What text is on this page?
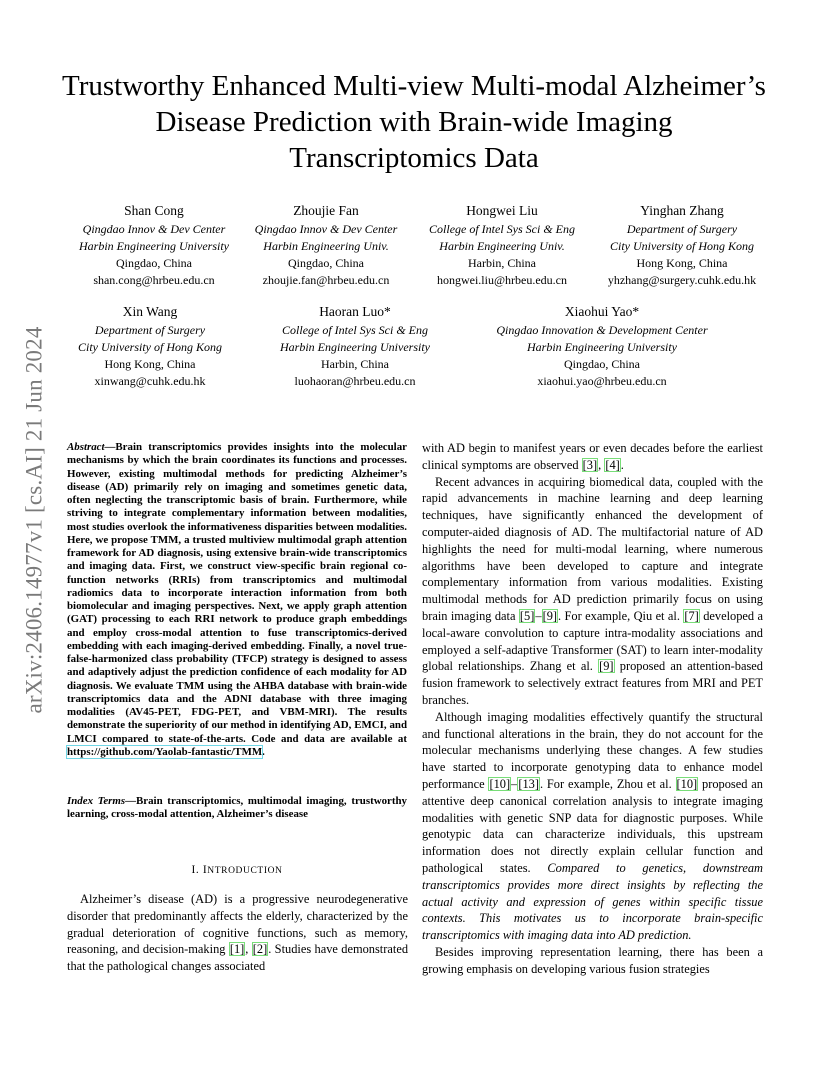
arXiv:2406.14977v1 [cs.AI] 21 Jun 2024
Trustworthy Enhanced Multi-view Multi-modal Alzheimer’s Disease Prediction with Brain-wide Imaging Transcriptomics Data
Shan Cong
Qingdao Innov & Dev Center
Harbin Engineering University
Qingdao, China
shan.cong@hrbeu.edu.cn
Zhoujie Fan
Qingdao Innov & Dev Center
Harbin Engineering Univ.
Qingdao, China
zhoujie.fan@hrbeu.edu.cn
Hongwei Liu
College of Intel Sys Sci & Eng
Harbin Engineering Univ.
Harbin, China
hongwei.liu@hrbeu.edu.cn
Yinghan Zhang
Department of Surgery
City University of Hong Kong
Hong Kong, China
yhzhang@surgery.cuhk.edu.hk
Xin Wang
Department of Surgery
City University of Hong Kong
Hong Kong, China
xinwang@cuhk.edu.hk
Haoran Luo*
College of Intel Sys Sci & Eng
Harbin Engineering University
Harbin, China
luohaoran@hrbeu.edu.cn
Xiaohui Yao*
Qingdao Innovation & Development Center
Harbin Engineering University
Qingdao, China
xiaohui.yao@hrbeu.edu.cn
Abstract—Brain transcriptomics provides insights into the molecular mechanisms by which the brain coordinates its functions and processes. However, existing multimodal methods for predicting Alzheimer’s disease (AD) primarily rely on imaging and sometimes genetic data, often neglecting the transcriptomic basis of brain. Furthermore, while striving to integrate complementary information between modalities, most studies overlook the informativeness disparities between modalities. Here, we propose TMM, a trusted multiview multimodal graph attention framework for AD diagnosis, using extensive brain-wide transcriptomics and imaging data. First, we construct view-specific brain regional co-function networks (RRIs) from transcriptomics and multimodal radiomics data to incorporate interaction information from both biomolecular and imaging perspectives. Next, we apply graph attention (GAT) processing to each RRI network to produce graph embeddings and employ cross-modal attention to fuse transcriptomics-derived embedding with each imaging-derived embedding. Finally, a novel true-false-harmonized class probability (TFCP) strategy is designed to assess and adaptively adjust the prediction confidence of each modality for AD diagnosis. We evaluate TMM using the AHBA database with brain-wide transcriptomics data and the ADNI database with three imaging modalities (AV45-PET, FDG-PET, and VBM-MRI). The results demonstrate the superiority of our method in identifying AD, EMCI, and LMCI compared to state-of-the-arts. Code and data are available at https://github.com/Yaolab-fantastic/TMM.
Index Terms—Brain transcriptomics, multimodal imaging, trustworthy learning, cross-modal attention, Alzheimer’s disease
I. INTRODUCTION

Alzheimer’s disease (AD) is a progressive neurodegenerative disorder that predominantly affects the elderly, characterized by the gradual deterioration of cognitive functions, such as memory, reasoning, and decision-making [1], [2]. Studies have demonstrated that the pathological changes associated

with AD begin to manifest years or even decades before the earliest clinical symptoms are observed [3], [4].

Recent advances in acquiring biomedical data, coupled with the rapid advancements in machine learning and deep learning techniques, have significantly enhanced the development of computer-aided diagnosis of AD. The multifactorial nature of AD highlights the need for multi-modal learning, where numerous algorithms have been developed to capture and integrate complementary information from various modalities. Existing multimodal methods for AD prediction primarily focus on using brain imaging data [5]–[9]. For example, Qiu et al. [7] developed a local-aware convolution to capture intra-modality associations and employed a self-adaptive Transformer (SAT) to learn inter-modality global relationships. Zhang et al. [9] proposed an attention-based fusion framework to selectively extract features from MRI and PET branches.

Although imaging modalities effectively quantify the structural and functional alterations in the brain, they do not account for the molecular mechanisms underlying these changes. A few studies have started to incorporate genotyping data to enhance model performance [10]–[13]. For example, Zhou et al. [10] proposed an attentive deep canonical correlation analysis to integrate imaging modalities with genetic SNP data for diagnostic purposes. While genotypic data can characterize individuals, this upstream information does not directly explain cellular function and pathological states. Compared to genetics, downstream transcriptomics provides more direct insights by reflecting the actual activity and expression of genes within specific tissue contexts. This motivates us to incorporate brain-specific transcriptomics with imaging data into AD prediction.

Besides improving representation learning, there has been a growing emphasis on developing various fusion strategies
